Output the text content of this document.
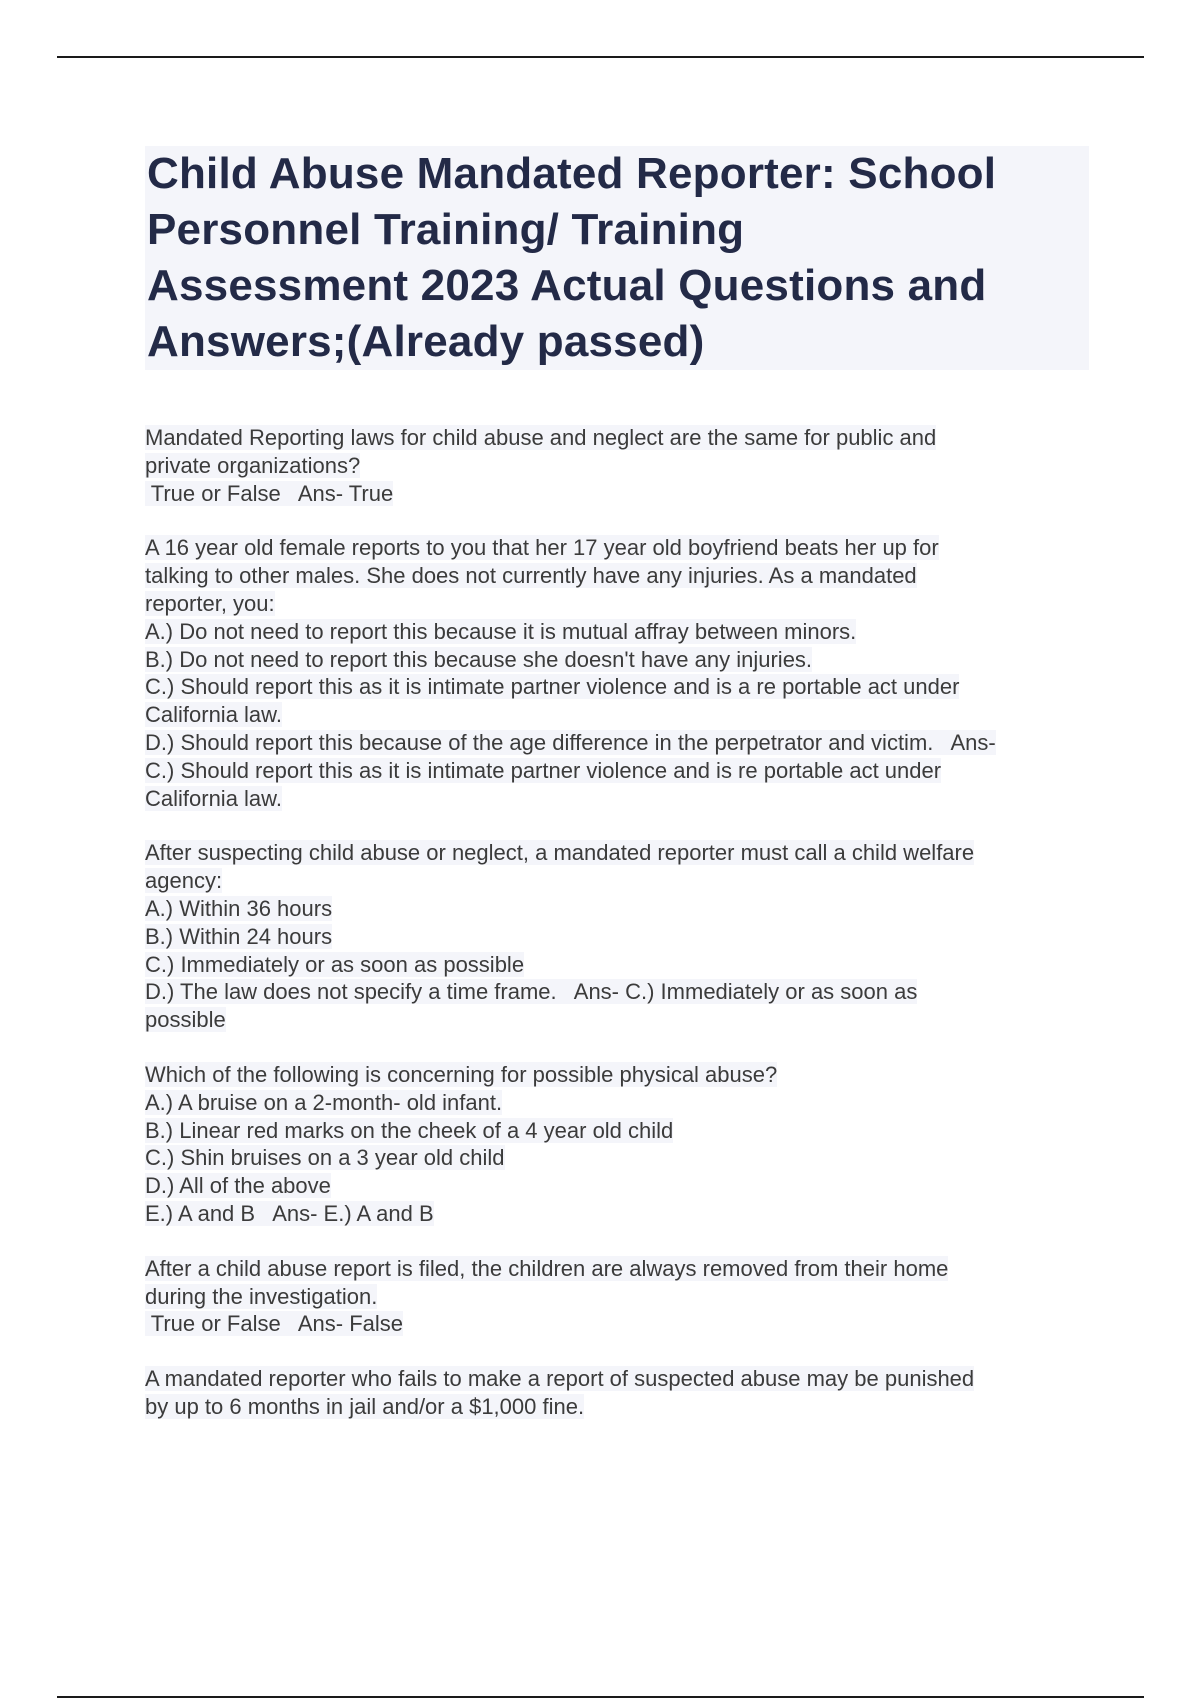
Child Abuse Mandated Reporter: School
Personnel Training/ Training
Assessment 2023 Actual Questions and
Answers;(Already passed)
Mandated Reporting laws for child abuse and neglect are the same for public and
private organizations?
True or False   Ans- True
A 16 year old female reports to you that her 17 year old boyfriend beats her up for
talking to other males. She does not currently have any injuries. As a mandated
reporter, you:
A.) Do not need to report this because it is mutual affray between minors.
B.) Do not need to report this because she doesn't have any injuries.
C.) Should report this as it is intimate partner violence and is a re portable act under
California law.
D.) Should report this because of the age difference in the perpetrator and victim.   Ans-
C.) Should report this as it is intimate partner violence and is re portable act under
California law.
After suspecting child abuse or neglect, a mandated reporter must call a child welfare
agency:
A.) Within 36 hours
B.) Within 24 hours
C.) Immediately or as soon as possible
D.) The law does not specify a time frame.   Ans- C.) Immediately or as soon as
possible
Which of the following is concerning for possible physical abuse?
A.) A bruise on a 2-month- old infant.
B.) Linear red marks on the cheek of a 4 year old child
C.) Shin bruises on a 3 year old child
D.) All of the above
E.) A and B   Ans- E.) A and B
After a child abuse report is filed, the children are always removed from their home
during the investigation.
True or False   Ans- False
A mandated reporter who fails to make a report of suspected abuse may be punished
by up to 6 months in jail and/or a $1,000 fine.
